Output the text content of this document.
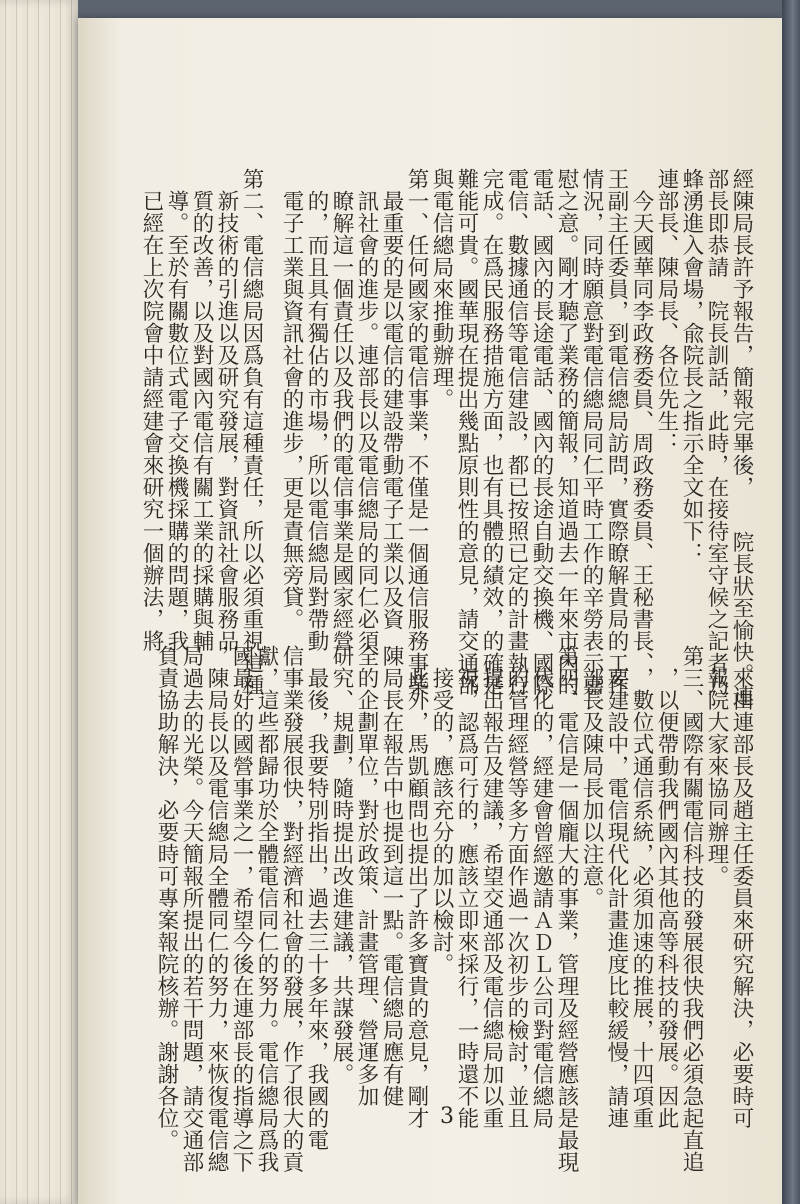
經陳局長許予報告，簡報完畢後，　　院長狀至愉快。連
部長即恭請　院長訓話，此時，在接待室守候之記者乃
蜂湧進入會場，兪院長之指示全文如下：
連部長、陳局長、各位先生：
　今天國華同李政務委員、周政務委員、王秘書長、
王副主任委員，到電信總局訪問，實際瞭解貴局的工作
情況，同時願意對電信總局同仁平時工作的辛勞表示嘉
慰之意。剛才聽了業務的簡報，知道過去一年來市內的
電話、國內的長途電話、國內的長途自動交換機、國際
電信、數據通信等電信建設，都已按照已定的計畫執行
完成。在爲民服務措施方面，也有具體的績效，的確是
難能可貴。國華現在提出幾點原則性的意見，請交通部
與電信總局來推動辦理。
第一、任何國家的電信事業，不僅是一個通信服務事業
　最重要的是以電信的建設帶動電子工業以及資
　訊社會的進步。連部長以及電信總局的同仁必須
　瞭解這一個責任以及我們的電信事業是國家經營
　的，而且具有獨佔的市場，所以電信總局對帶動
　電子工業與資訊社會的進步，更是責無旁貸。
第二、電信總局因爲負有這種責任，所以必須重視這種
　新技術的引進以及研究發展，對資訊社會服務品
　質的改善，以及對國內電信有關工業的採購與輔
　導。至於有關數位式電子交換機採購的問題，我
　已經在上次院會中請經建會來研究一個辦法，將
　來由連部長及趙主任委員來研究解決，必要時可
　報院大家來協同辦理。
第三、國際有關電信科技的發展很快我們必須急起直追
　，以便帶動我們國內其他高等科技的發展。因此
　，數位式通信系統，必須加速的推展，十四項重
　要建設中，電信現代化計畫進度比較緩慢，請連
　部長及陳局長加以注意。
第四、電信是一個龐大的事業，管理及經營應該是最現
　代化的，經建會曾經邀請ＡＤＬ公司對電信總局
　的管理經營等多方面作過一次初步的檢討，並且
　提出報告及建議，希望交通部及電信總局加以重
　視，認爲可行的，應該立即來採行，一時還不能
　接受的，應該充分的加以檢討。
　此外，馬凱顧問也提出了許多寶貴的意見，剛才
陳局長在報告中也提到這一點。電信總局應有健
全的企劃單位，對於政策、計畫管理、營運多加
研究、規劃，隨時提出改進建議，共謀發展。
　最後，我要特別指出，過去三十多年來，我國的電
信事業發展很快，對經濟和社會的發展，作了很大的貢
獻，這些都歸功於全體電信同仁的努力。電信總局爲我
國最好的國營事業之一，希望今後在連部長的指導之下
，陳局長以及電信總局全體同仁的努力，來恢復電信總
局過去的光榮。今天簡報所提出的若干問題，請交通部
負責協助解決，必要時可專案報院核辦。謝謝各位。	3
